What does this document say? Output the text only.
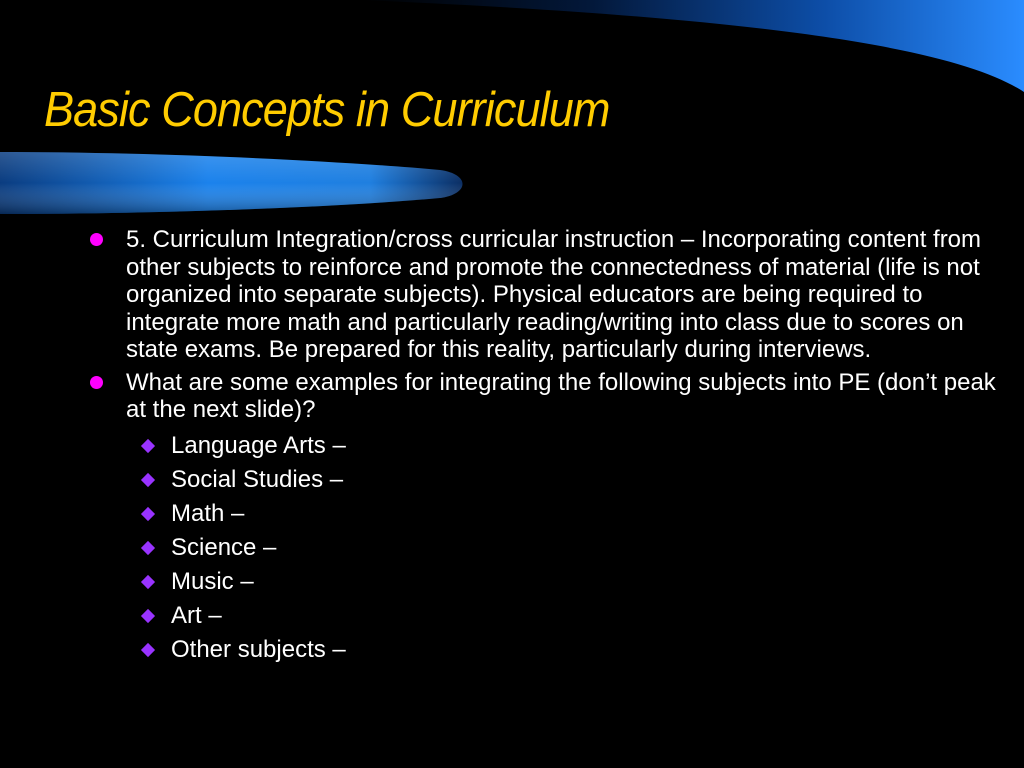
Basic Concepts in Curriculum
5. Curriculum Integration/cross curricular instruction – Incorporating content from other subjects to reinforce and promote the connectedness of material (life is not organized into separate subjects). Physical educators are being required to integrate more math and particularly reading/writing into class due to scores on state exams. Be prepared for this reality, particularly during interviews.
What are some examples for integrating the following subjects into PE (don’t peak at the next slide)?
Language Arts –
Social Studies –
Math –
Science –
Music –
Art –
Other subjects –
